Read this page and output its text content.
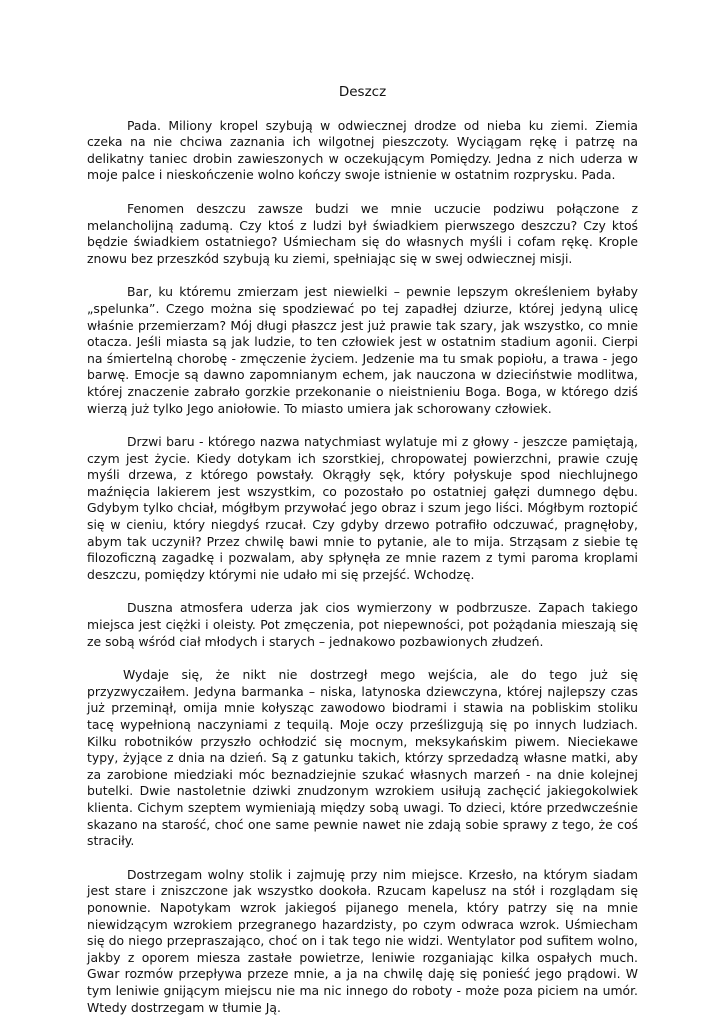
Deszcz

Pada. Miliony kropel szybują w odwiecznej drodze od nieba ku ziemi. Ziemia czeka na nie chciwa zaznania ich wilgotnej pieszczoty. Wyciągam rękę i patrzę na delikatny taniec drobin zawieszonych w oczekującym Pomiędzy. Jedna z nich uderza w moje palce i nieskończenie wolno kończy swoje istnienie w ostatnim rozprysku. Pada.

Fenomen deszczu zawsze budzi we mnie uczucie podziwu połączone z melancholijną zadumą. Czy ktoś z ludzi był świadkiem pierwszego deszczu? Czy ktoś będzie świadkiem ostatniego? Uśmiecham się do własnych myśli i cofam rękę. Krople znowu bez przeszkód szybują ku ziemi, spełniając się w swej odwiecznej misji.

Bar, ku któremu zmierzam jest niewielki – pewnie lepszym określeniem byłaby „spelunka”. Czego można się spodziewać po tej zapadłej dziurze, której jedyną ulicę właśnie przemierzam? Mój długi płaszcz jest już prawie tak szary, jak wszystko, co mnie otacza. Jeśli miasta są jak ludzie, to ten człowiek jest w ostatnim stadium agonii. Cierpi na śmiertelną chorobę - zmęczenie życiem. Jedzenie ma tu smak popiołu, a trawa - jego barwę. Emocje są dawno zapomnianym echem, jak nauczona w dzieciństwie modlitwa, której znaczenie zabrało gorzkie przekonanie o nieistnieniu Boga. Boga, w którego dziś wierzą już tylko Jego aniołowie. To miasto umiera jak schorowany człowiek.

Drzwi baru - którego nazwa natychmiast wylatuje mi z głowy - jeszcze pamiętają, czym jest życie. Kiedy dotykam ich szorstkiej, chropowatej powierzchni, prawie czuję myśli drzewa, z którego powstały. Okrągły sęk, który połyskuje spod niechlujnego maźnięcia lakierem jest wszystkim, co pozostało po ostatniej gałęzi dumnego dębu. Gdybym tylko chciał, mógłbym przywołać jego obraz i szum jego liści. Mógłbym roztopić się w cieniu, który niegdyś rzucał. Czy gdyby drzewo potrafiło odczuwać, pragnęłoby, abym tak uczynił? Przez chwilę bawi mnie to pytanie, ale to mija. Strząsam z siebie tę filozoficzną zagadkę i pozwalam, aby spłynęła ze mnie razem z tymi paroma kroplami deszczu, pomiędzy którymi nie udało mi się przejść. Wchodzę.

Duszna atmosfera uderza jak cios wymierzony w podbrzusze. Zapach takiego miejsca jest ciężki i oleisty. Pot zmęczenia, pot niepewności, pot pożądania mieszają się ze sobą wśród ciał młodych i starych – jednakowo pozbawionych złudzeń.

Wydaje się, że nikt nie dostrzegł mego wejścia, ale do tego już się przyzwyczaiłem. Jedyna barmanka – niska, latynoska dziewczyna, której najlepszy czas już przeminął, omija mnie kołysząc zawodowo biodrami i stawia na pobliskim stoliku tacę wypełnioną naczyniami z tequilą. Moje oczy prześlizgują się po innych ludziach. Kilku robotników przyszło ochłodzić się mocnym, meksykańskim piwem. Nieciekawe typy, żyjące z dnia na dzień. Są z gatunku takich, którzy sprzedadzą własne matki, aby za zarobione miedziaki móc beznadziejnie szukać własnych marzeń - na dnie kolejnej butelki. Dwie nastoletnie dziwki znudzonym wzrokiem usiłują zachęcić jakiegokolwiek klienta. Cichym szeptem wymieniają między sobą uwagi. To dzieci, które przedwcześnie skazano na starość, choć one same pewnie nawet nie zdają sobie sprawy z tego, że coś straciły.

Dostrzegam wolny stolik i zajmuję przy nim miejsce. Krzesło, na którym siadam jest stare i zniszczone jak wszystko dookoła. Rzucam kapelusz na stół i rozglądam się ponownie. Napotykam wzrok jakiegoś pijanego menela, który patrzy się na mnie niewidzącym wzrokiem przegranego hazardzisty, po czym odwraca wzrok. Uśmiecham się do niego przepraszająco, choć on i tak tego nie widzi. Wentylator pod sufitem wolno, jakby z oporem miesza zastałe powietrze, leniwie rozganiając kilka ospałych much. Gwar rozmów przepływa przeze mnie, a ja na chwilę daję się ponieść jego prądowi. W tym leniwie gnijącym miejscu nie ma nic innego do roboty - może poza piciem na umór. Wtedy dostrzegam w tłumie Ją.
